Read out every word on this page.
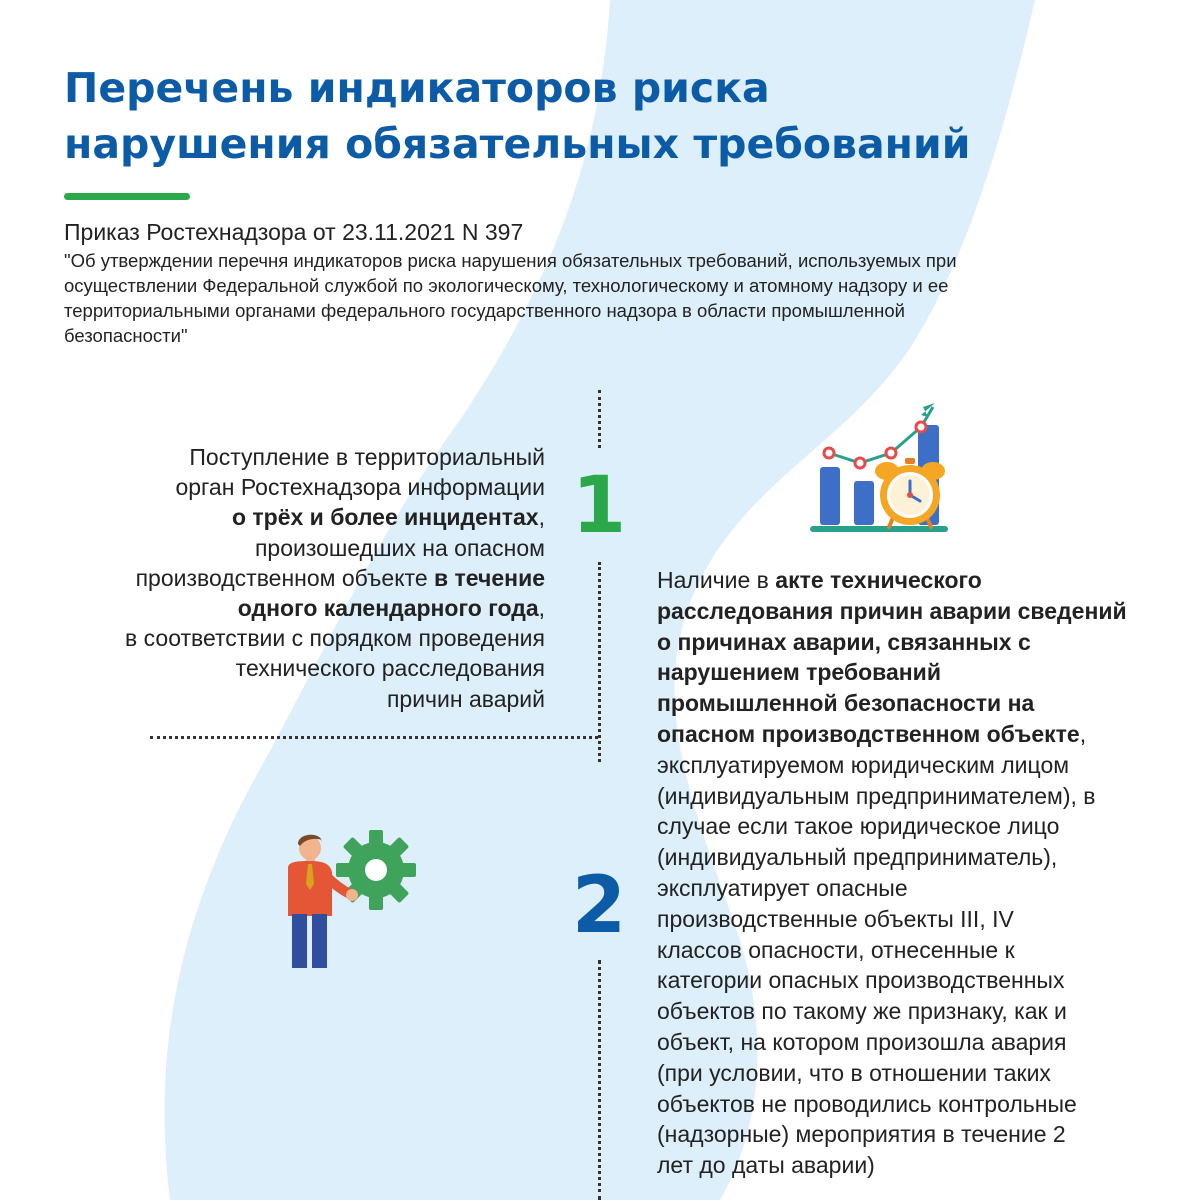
Перечень индикаторов риска
нарушения обязательных требований
Приказ Ростехнадзора от 23.11.2021 N 397

"Об утверждении перечня индикаторов риска нарушения обязательных требований, используемых при
осуществлении Федеральной службой по экологическому, технологическому и атомному надзору и ее
территориальными органами федерального государственного надзора в области промышленной
безопасности"

1
2
Поступление в территориальный
орган Ростехнадзора информации
о трёх и более инцидентах,
произошедших на опасном
производственном объекте в течение
одного календарного года,
в соответствии с порядком проведения
технического расследования
причин аварий
Наличие в акте технического
расследования причин аварии сведений
о причинах аварии, связанных с
нарушением требований
промышленной безопасности на
опасном производственном объекте,
эксплуатируемом юридическим лицом
(индивидуальным предпринимателем), в
случае если такое юридическое лицо
(индивидуальный предприниматель),
эксплуатирует опасные
производственные объекты III, IV
классов опасности, отнесенные к
категории опасных производственных
объектов по такому же признаку, как и
объект, на котором произошла авария
(при условии, что в отношении таких
объектов не проводились контрольные
(надзорные) мероприятия в течение 2
лет до даты аварии)
